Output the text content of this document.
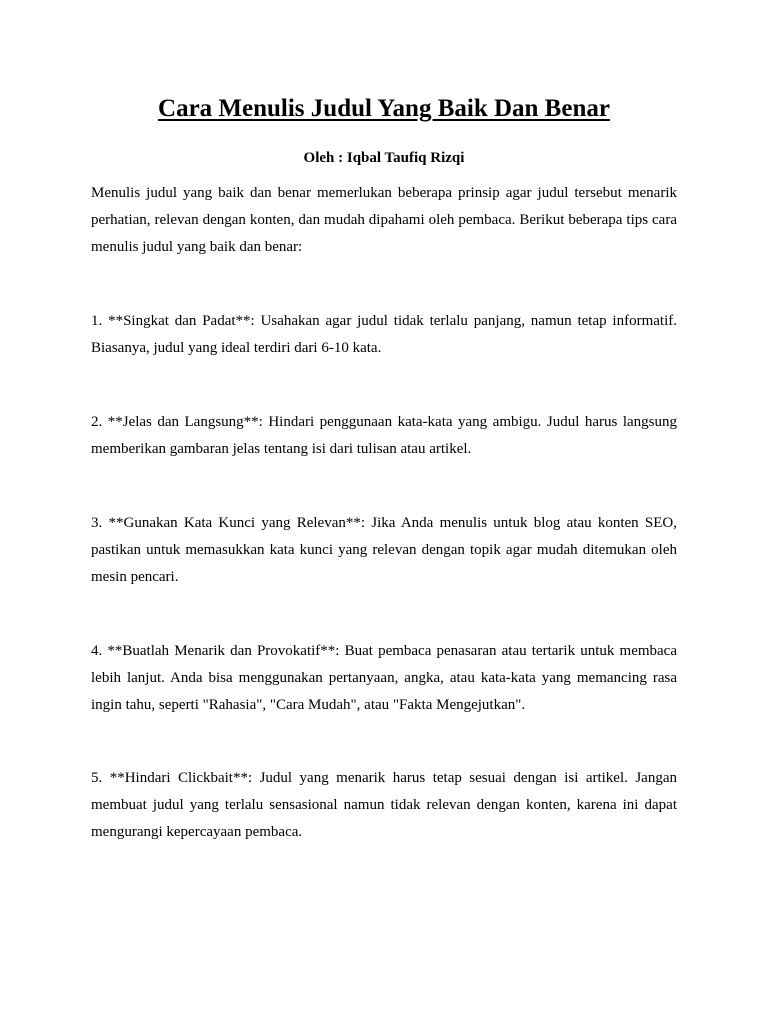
Cara Menulis Judul Yang Baik Dan Benar

Oleh : Iqbal Taufiq Rizqi

Menulis judul yang baik dan benar memerlukan beberapa prinsip agar judul tersebut menarik perhatian, relevan dengan konten, dan mudah dipahami oleh pembaca. Berikut beberapa tips cara menulis judul yang baik dan benar:

1. **Singkat dan Padat**: Usahakan agar judul tidak terlalu panjang, namun tetap informatif. Biasanya, judul yang ideal terdiri dari 6-10 kata.

2. **Jelas dan Langsung**: Hindari penggunaan kata-kata yang ambigu. Judul harus langsung memberikan gambaran jelas tentang isi dari tulisan atau artikel.

3. **Gunakan Kata Kunci yang Relevan**: Jika Anda menulis untuk blog atau konten SEO, pastikan untuk memasukkan kata kunci yang relevan dengan topik agar mudah ditemukan oleh mesin pencari.

4. **Buatlah Menarik dan Provokatif**: Buat pembaca penasaran atau tertarik untuk membaca lebih lanjut. Anda bisa menggunakan pertanyaan, angka, atau kata-kata yang memancing rasa ingin tahu, seperti "Rahasia", "Cara Mudah", atau "Fakta Mengejutkan".

5. **Hindari Clickbait**: Judul yang menarik harus tetap sesuai dengan isi artikel. Jangan membuat judul yang terlalu sensasional namun tidak relevan dengan konten, karena ini dapat mengurangi kepercayaan pembaca.
